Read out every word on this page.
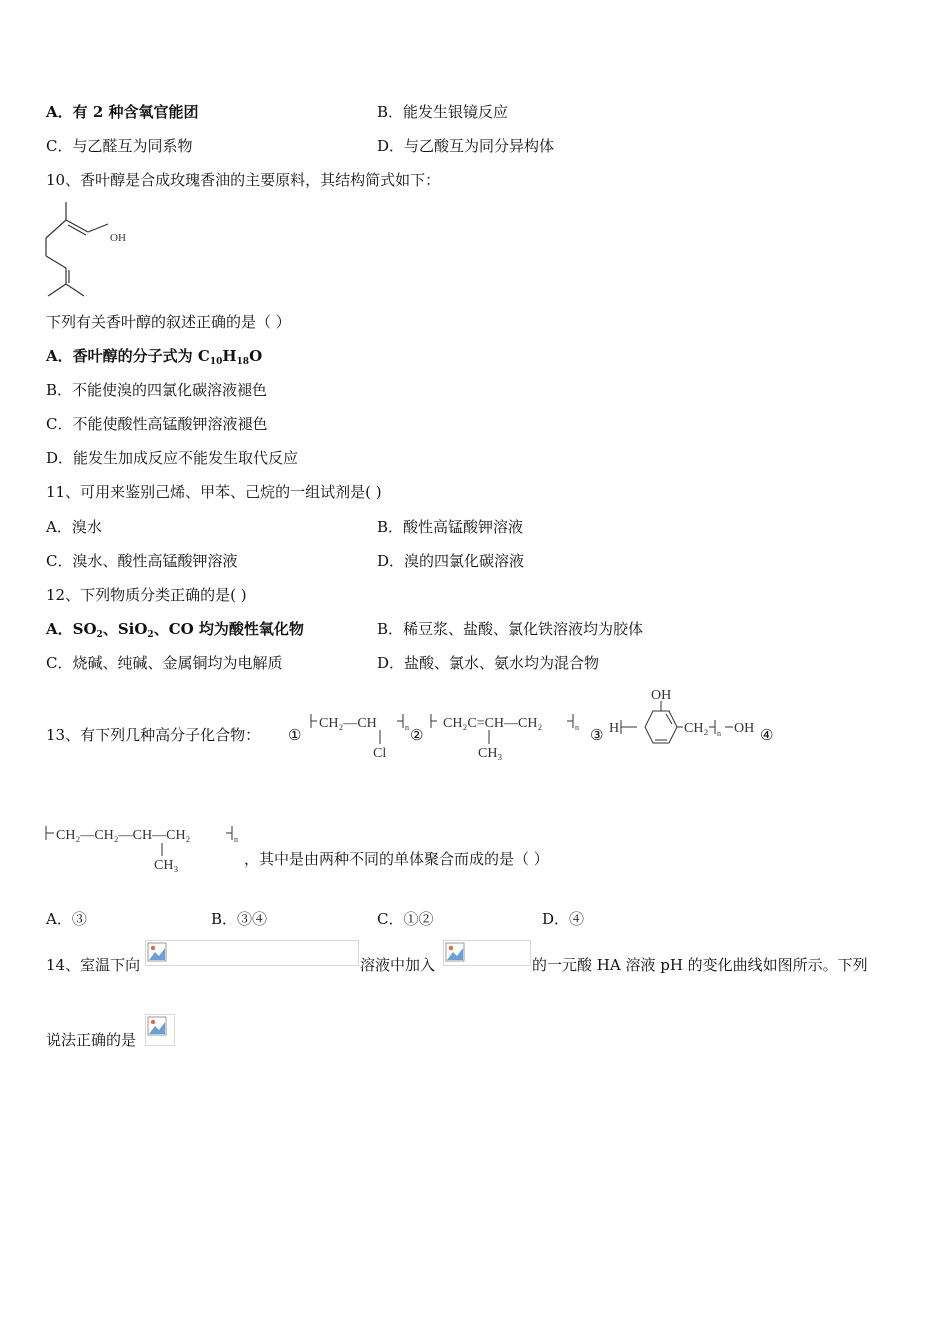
A．有 2 种含氧官能团	B．能发生银镜反应
C．与乙醛互为同系物	D．与乙酸互为同分异构体
10、香叶醇是合成玫瑰香油的主要原料，其结构简式如下：
OH
下列有关香叶醇的叙述正确的是（ ）
A．香叶醇的分子式为 $C_{10}H_{18}O$
B．不能使溴的四氯化碳溶液褪色
C．不能使酸性高锰酸钾溶液褪色
D．能发生加成反应不能发生取代反应
11、可用来鉴别己烯、甲苯、己烷的一组试剂是( )
A．溴水	B．酸性高锰酸钾溶液
C．溴水、酸性高锰酸钾溶液	D．溴的四氯化碳溶液
12、下列物质分类正确的是( )
A．$SO_2$、SiO$_2$、CO 均为酸性氧化物	B．稀豆浆、盐酸、氯化铁溶液均为胶体
C．烧碱、纯碱、金属铜均为电解质	D．盐酸、氯水、氨水均为混合物
13、有下列几种高分子化合物： ①
CH₂—CH	n
Cl
②
CH₂C=CH—CH₂	n
CH₃
③ H
OH
CH₂ n OH ④
CH₂—CH₂—CH—CH₂	n
CH₃	，其中是由两种不同的单体聚合而成的是（ ）
A．③	B．③④	C．①②	D．④
14、室温下向	溶液中加入	的一元酸 HA 溶液 pH 的变化曲线如图所示。下列
说法正确的是
